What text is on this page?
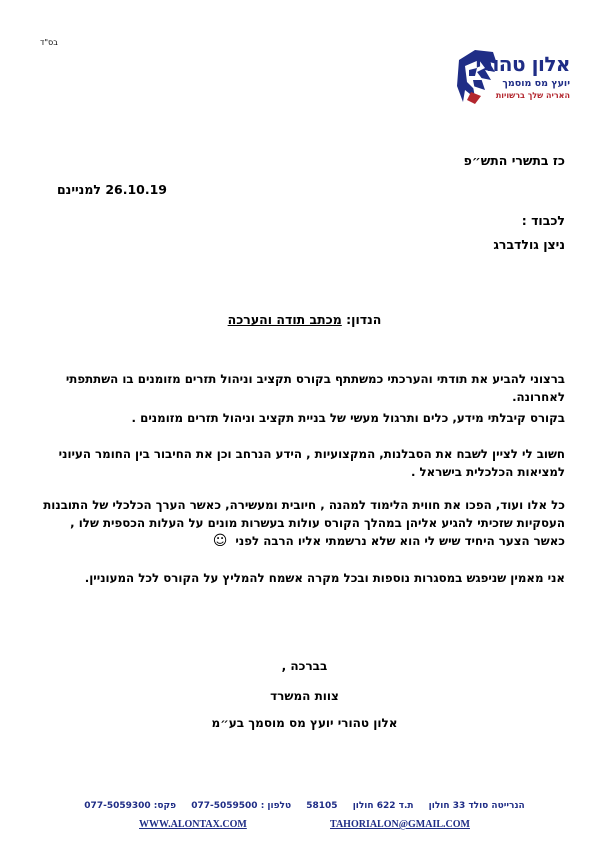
בס"ד
אלון טהורי
יועץ מס מוסמך
האריה שלך ברשויות
כז בתשרי התש״פ
26.10.19 למניינם
לכבוד :
ניצן גולדברג
הנדון: מכתב תודה והערכה
ברצוני להביע את תודתי והערכתי כמשתתף בקורס תקציב וניהול תזרים מזומנים בו השתתפתי לאחרונה.
בקורס קיבלתי מידע, כלים ותרגול מעשי של בניית תקציב וניהול תזרים מזומנים .
חשוב לי לציין לשבח את הסבלנות, המקצועיות , הידע הנרחב וכן את החיבור בין החומר העיוני למציאות הכלכלית בישראל .
כל אלו ועוד, הפכו את חווית הלימוד למהנה , חיובית ומעשירה, כאשר הערך הכלכלי של התובנות העסקיות שזכיתי להגיע אליהן במהלך הקורס עולות בעשרות מונים על העלות הכספית שלו , כאשר הצער היחיד שיש לי הוא שלא נרשמתי אליו הרבה לפני ☺
אני מאמין שניפגש במסגרות נוספות ובכל מקרה אשמח להמליץ על הקורס לכל המעוניין.
בברכה ,
צוות המשרד
אלון טהורי יועץ מס מוסמך בע״מ
הנרייטה סולד 33 חולון ת.ד 622 חולון 58105 טלפון : 077-5059500 פקס: 077-5059300
WWW.ALONTAX.COM	TAHORIALON@GMAIL.COM
